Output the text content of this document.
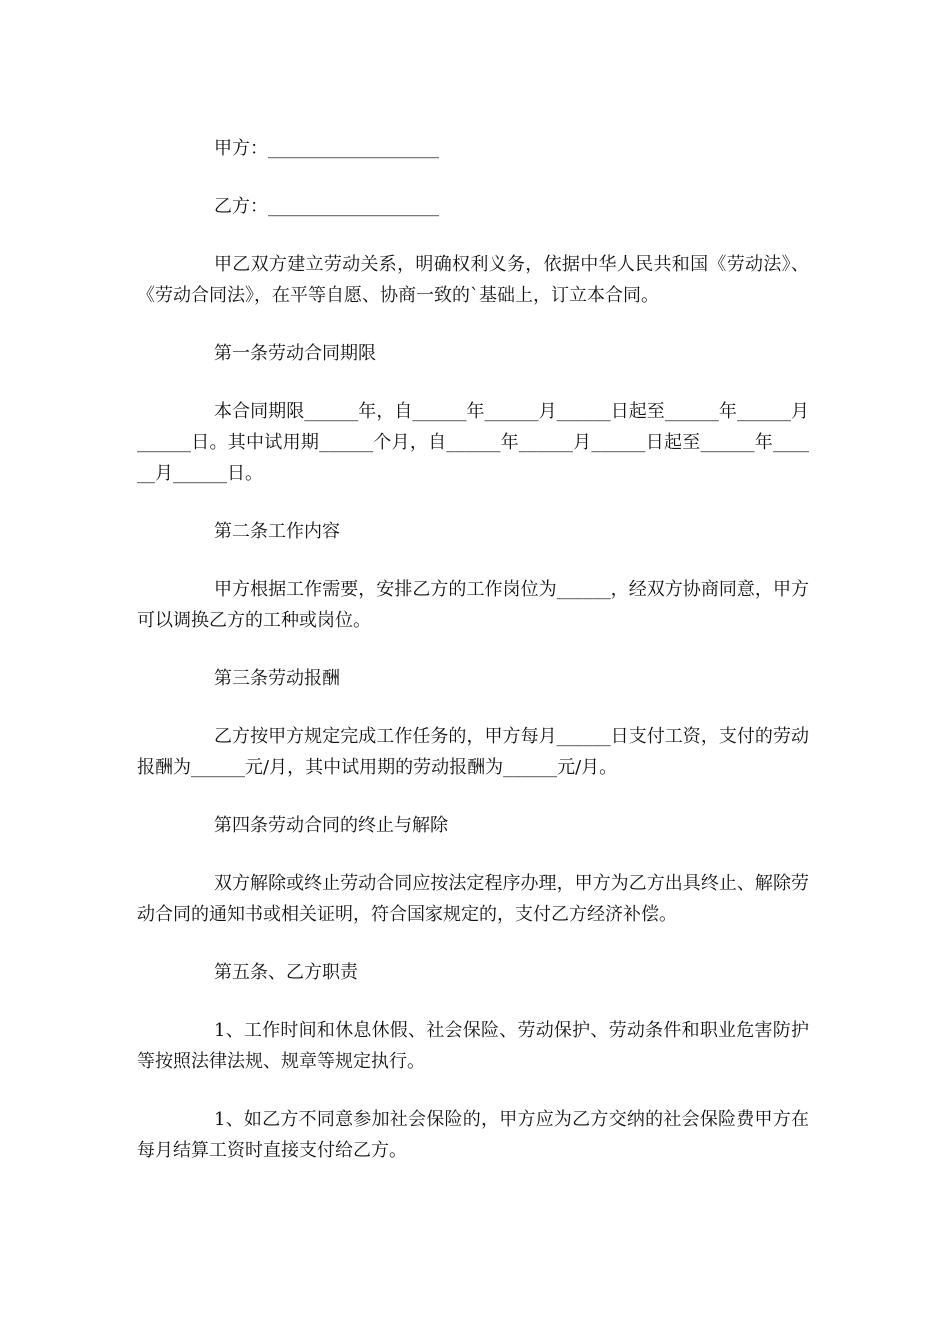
甲方：___________________

乙方：___________________

甲乙双方建立劳动关系，明确权利义务，依据中华人民共和国《劳动法》、《劳动合同法》，在平等自愿、协商一致的`基础上，订立本合同。

第一条劳动合同期限

本合同期限______年，自______年______月______日起至______年______月______日。其中试用期______个月，自______年______月______日起至______年______月______日。

第二条工作内容

甲方根据工作需要，安排乙方的工作岗位为______，经双方协商同意，甲方可以调换乙方的工种或岗位。

第三条劳动报酬

乙方按甲方规定完成工作任务的，甲方每月______日支付工资，支付的劳动报酬为______元/月，其中试用期的劳动报酬为______元/月。

第四条劳动合同的终止与解除

双方解除或终止劳动合同应按法定程序办理，甲方为乙方出具终止、解除劳动合同的通知书或相关证明，符合国家规定的，支付乙方经济补偿。

第五条、乙方职责

1、工作时间和休息休假、社会保险、劳动保护、劳动条件和职业危害防护等按照法律法规、规章等规定执行。

1、如乙方不同意参加社会保险的，甲方应为乙方交纳的社会保险费甲方在每月结算工资时直接支付给乙方。
